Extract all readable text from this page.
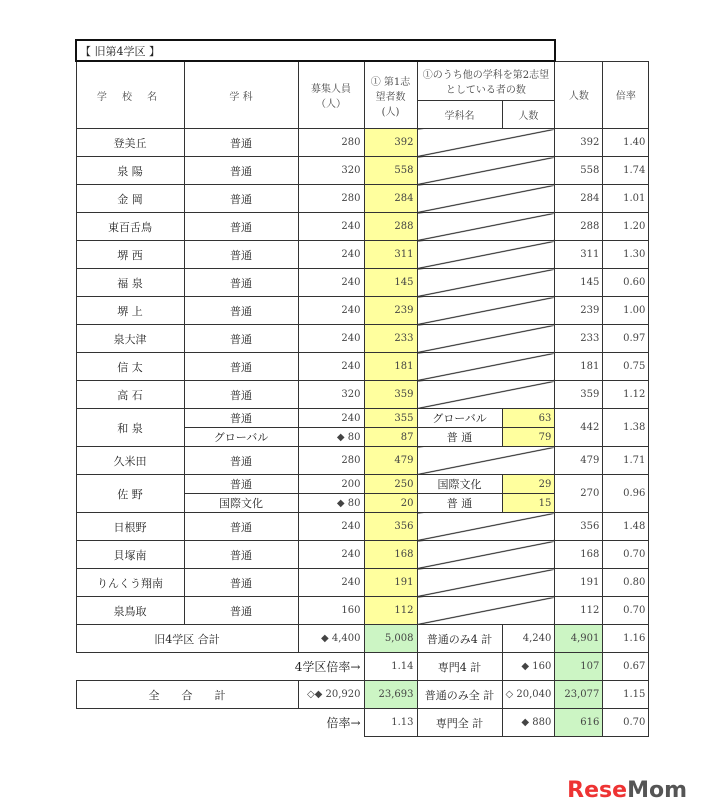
【 旧第4学区 】							
学 校 名	学 科	募集人員（人）	① 第1志望者数(人)	①のうち他の学科を第2志望としている者の数		人数	倍率
				学科名	人数		
登美丘	普通	280	392			392	1.40
泉 陽	普通	320	558			558	1.74
金 岡	普通	280	284			284	1.01
東百舌鳥	普通	240	288			288	1.20
堺 西	普通	240	311			311	1.30
福 泉	普通	240	145			145	0.60
堺 上	普通	240	239			239	1.00
泉大津	普通	240	233			233	0.97
信 太	普通	240	181			181	0.75
高 石	普通	320	359			359	1.12
和 泉	普通	240	355	グローバル	63	442	1.38
	グローバル	◆ 80	87	普 通	79		
久米田	普通	280	479			479	1.71
佐 野	普通	200	250	国際文化	29	270	0.96
	国際文化	◆ 80	20	普 通	15		
日根野	普通	240	356			356	1.48
貝塚南	普通	240	168			168	0.70
りんくう翔南	普通	240	191			191	0.80
泉鳥取	普通	160	112			112	0.70
旧4学区 合計		◆ 4,400	5,008	普通のみ4 計	4,240	4,901	1.16
4学区倍率→			1.14	専門4 計	◆ 160	107	0.67
全　　合　　計		◇◆ 20,920	23,693	普通のみ全 計	◇ 20,040	23,077	1.15
倍率→			1.13	専門全 計	◆ 880	616	0.70
ReseMom
